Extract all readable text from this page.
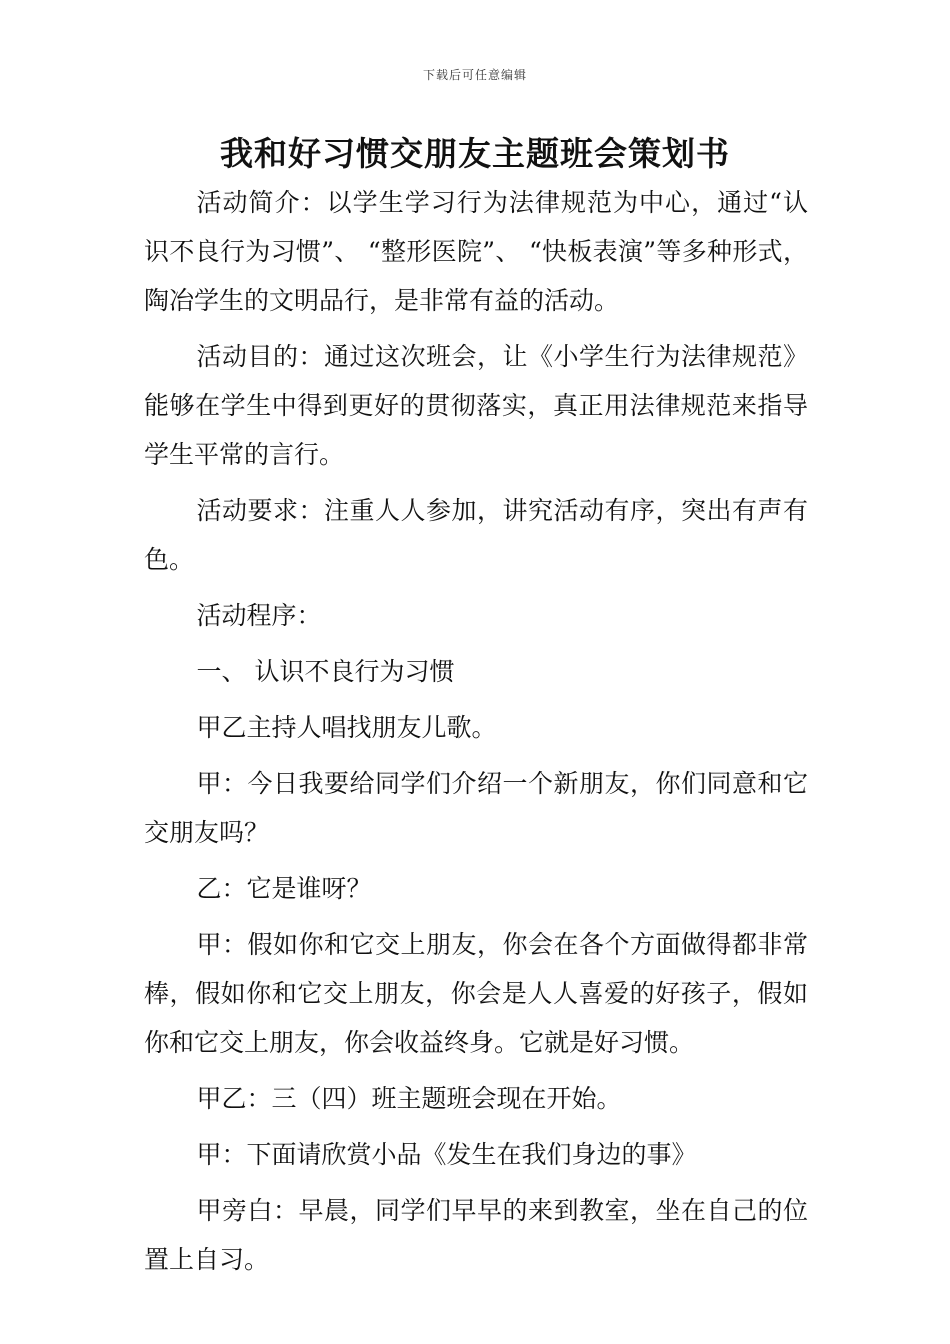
下载后可任意编辑
我和好习惯交朋友主题班会策划书

活动简介：以学生学习行为法律规范为中心，通过“认识不良行为习惯”、 “整形医院”、 “快板表演”等多种形式，陶冶学生的文明品行，是非常有益的活动。

活动目的：通过这次班会，让《小学生行为法律规范》能够在学生中得到更好的贯彻落实，真正用法律规范来指导学生平常的言行。

活动要求：注重人人参加，讲究活动有序，突出有声有色。

活动程序：

一、 认识不良行为习惯

甲乙主持人唱找朋友儿歌。

甲：今日我要给同学们介绍一个新朋友，你们同意和它交朋友吗？

乙：它是谁呀？

甲：假如你和它交上朋友，你会在各个方面做得都非常棒，假如你和它交上朋友，你会是人人喜爱的好孩子，假如你和它交上朋友，你会收益终身。它就是好习惯。

甲乙：三（四）班主题班会现在开始。

甲：下面请欣赏小品《发生在我们身边的事》

甲旁白：早晨，同学们早早的来到教室，坐在自己的位置上自习。
